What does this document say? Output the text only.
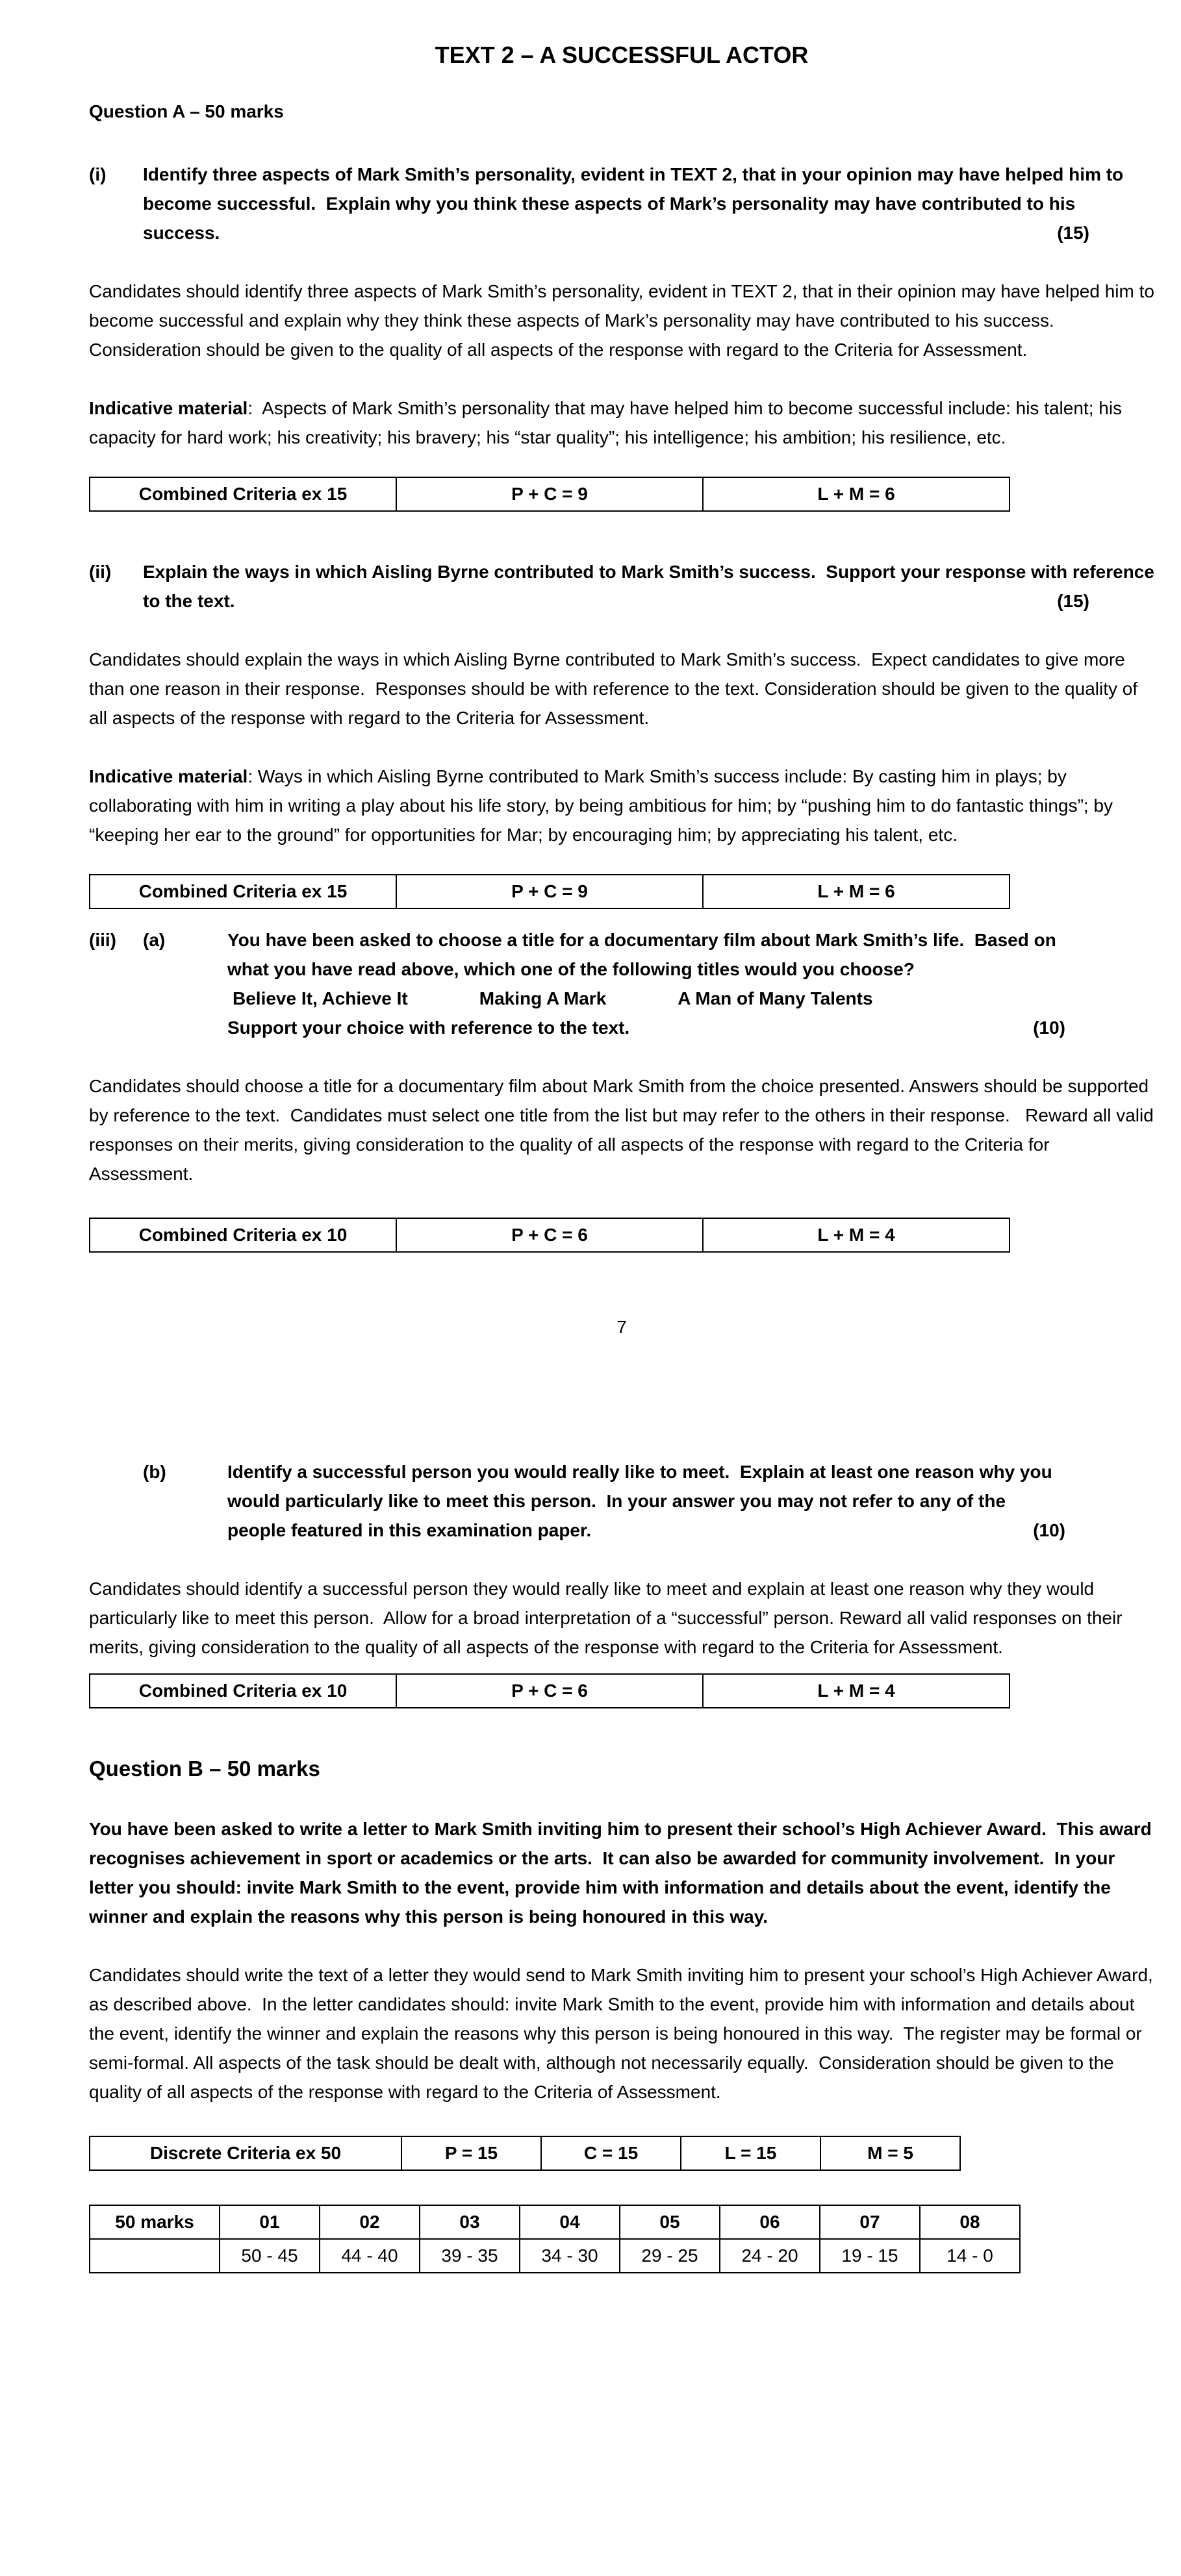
TEXT 2 – A SUCCESSFUL ACTOR
Question A – 50 marks
(i)	Identify three aspects of Mark Smith’s personality, evident in TEXT 2, that in your opinion may have helped him to become successful.  Explain why you think these aspects of Mark’s personality may have contributed to his success.	(15)
Candidates should identify three aspects of Mark Smith’s personality, evident in TEXT 2, that in their opinion may have helped him to become successful and explain why they think these aspects of Mark’s personality may have contributed to his success.  Consideration should be given to the quality of all aspects of the response with regard to the Criteria for Assessment.
Indicative material:  Aspects of Mark Smith’s personality that may have helped him to become successful include: his talent; his capacity for hard work; his creativity; his bravery; his “star quality”; his intelligence; his ambition; his resilience, etc.
Combined Criteria ex 15	P + C = 9	L + M = 6
(ii)	Explain the ways in which Aisling Byrne contributed to Mark Smith’s success.  Support your response with reference to the text.	(15)
Candidates should explain the ways in which Aisling Byrne contributed to Mark Smith’s success.  Expect candidates to give more than one reason in their response.  Responses should be with reference to the text. Consideration should be given to the quality of all aspects of the response with regard to the Criteria for Assessment.
Indicative material: Ways in which Aisling Byrne contributed to Mark Smith’s success include: By casting him in plays; by collaborating with him in writing a play about his life story, by being ambitious for him; by “pushing him to do fantastic things”; by “keeping her ear to the ground” for opportunities for Mar; by encouraging him; by appreciating his talent, etc.
Combined Criteria ex 15	P + C = 9	L + M = 6
(iii)	(a)	You have been asked to choose a title for a documentary film about Mark Smith’s life.  Based on what you have read above, which one of the following titles would you choose?
Believe It, Achieve It	Making A Mark	A Man of Many Talents
Support your choice with reference to the text.	(10)
Candidates should choose a title for a documentary film about Mark Smith from the choice presented. Answers should be supported by reference to the text.  Candidates must select one title from the list but may refer to the others in their response.   Reward all valid responses on their merits, giving consideration to the quality of all aspects of the response with regard to the Criteria for Assessment.
Combined Criteria ex 10	P + C = 6	L + M = 4
7
(b)	Identify a successful person you would really like to meet.  Explain at least one reason why you would particularly like to meet this person.  In your answer you may not refer to any of the people featured in this examination paper.	(10)
Candidates should identify a successful person they would really like to meet and explain at least one reason why they would particularly like to meet this person.  Allow for a broad interpretation of a “successful” person. Reward all valid responses on their merits, giving consideration to the quality of all aspects of the response with regard to the Criteria for Assessment.
Combined Criteria ex 10	P + C = 6	L + M = 4
Question B – 50 marks
You have been asked to write a letter to Mark Smith inviting him to present their school’s High Achiever Award.  This award recognises achievement in sport or academics or the arts.  It can also be awarded for community involvement.  In your letter you should: invite Mark Smith to the event, provide him with information and details about the event, identify the winner and explain the reasons why this person is being honoured in this way.
Candidates should write the text of a letter they would send to Mark Smith inviting him to present your school’s High Achiever Award, as described above.  In the letter candidates should: invite Mark Smith to the event, provide him with information and details about the event, identify the winner and explain the reasons why this person is being honoured in this way.  The register may be formal or semi-formal. All aspects of the task should be dealt with, although not necessarily equally.  Consideration should be given to the quality of all aspects of the response with regard to the Criteria of Assessment.
Discrete Criteria ex 50	P = 15	C = 15	L = 15	M = 5
50 marks	01	02	03	04	05	06	07	08
	50 - 45	44 - 40	39 - 35	34 - 30	29 - 25	24 - 20	19 - 15	14 - 0
